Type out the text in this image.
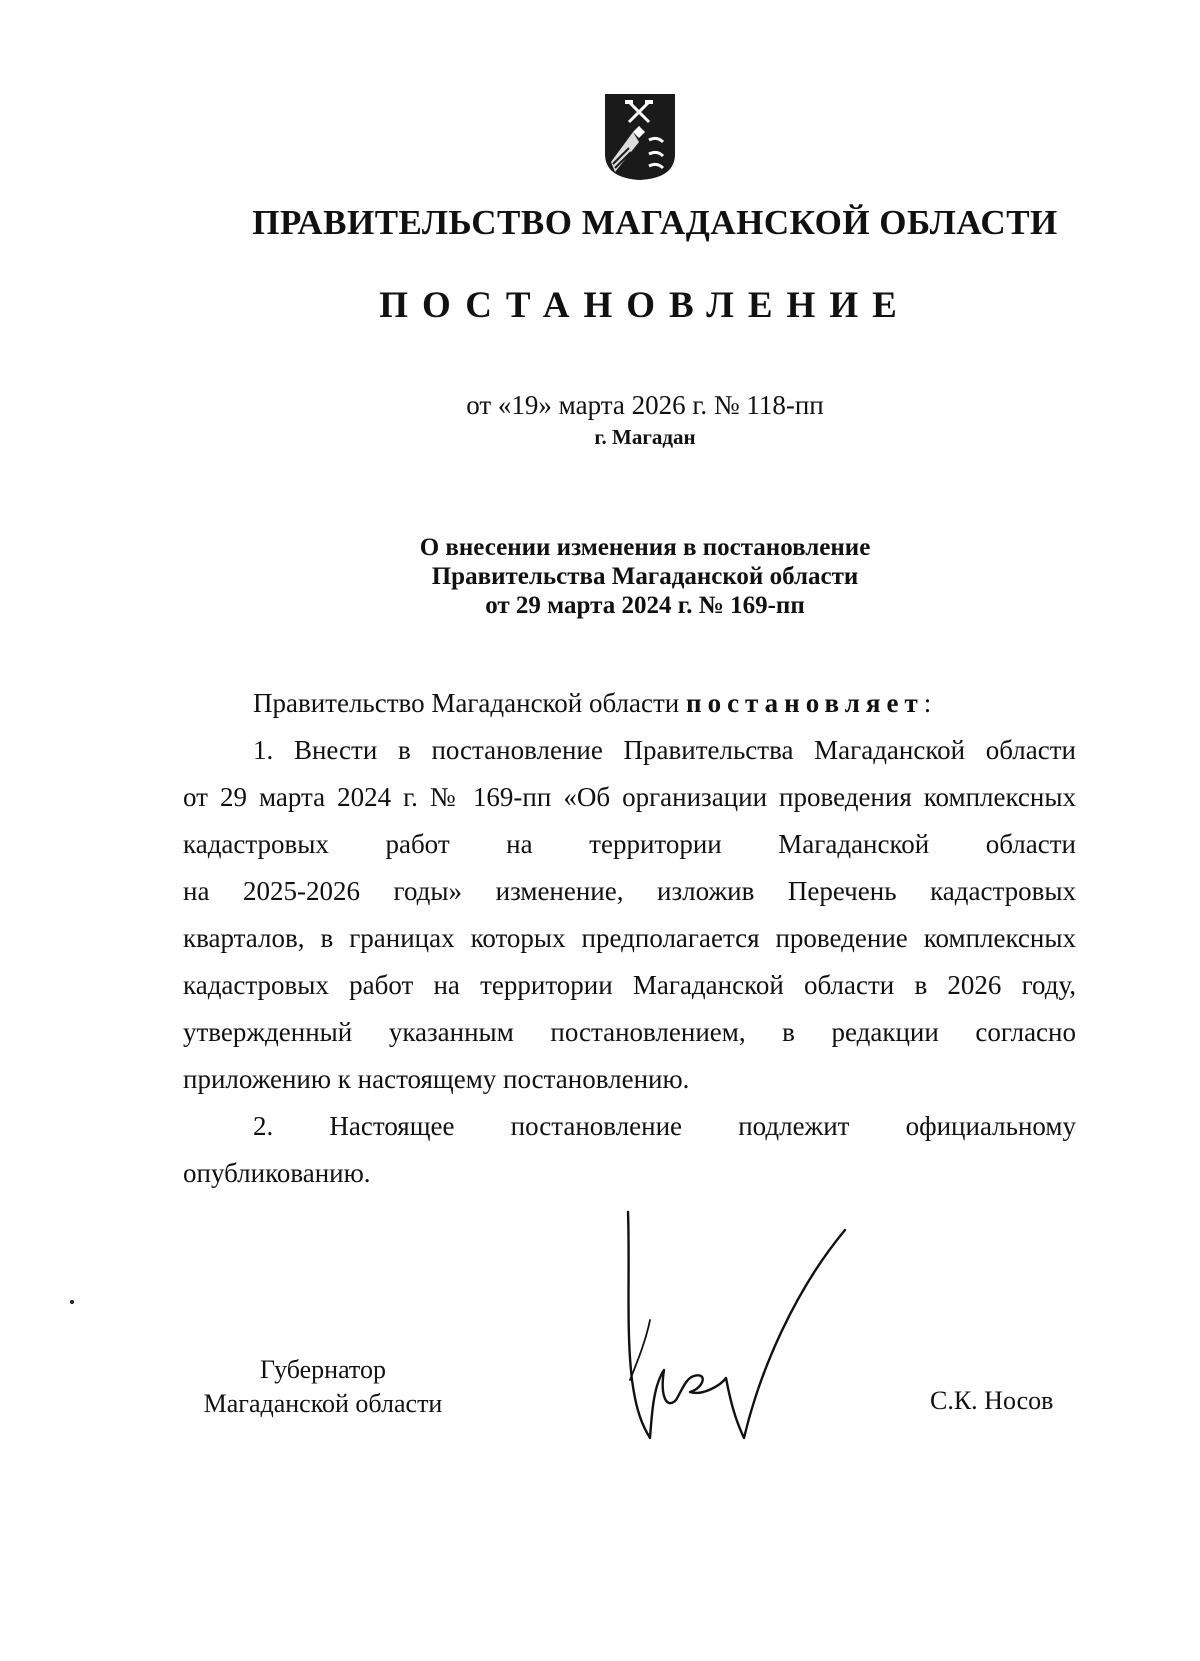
ПРАВИТЕЛЬСТВО МАГАДАНСКОЙ ОБЛАСТИ
ПОСТАНОВЛЕНИЕ
от «19» марта 2026 г. № 118-пп
г. Магадан
О внесении изменения в постановление
Правительства Магаданской области
от 29 марта 2024 г. № 169-пп
Правительство Магаданской области постановляет:
1. Внести в постановление Правительства Магаданской области
от 29 марта 2024 г. № 169-пп «Об организации проведения комплексных
кадастровых работ на территории Магаданской области
на 2025-2026 годы» изменение, изложив Перечень кадастровых
кварталов, в границах которых предполагается проведение комплексных
кадастровых работ на территории Магаданской области в 2026 году,
утвержденный указанным постановлением, в редакции согласно
приложению к настоящему постановлению.
2. Настоящее постановление подлежит официальному
опубликованию.
Губернатор
Магаданской области	С.К. Носов
